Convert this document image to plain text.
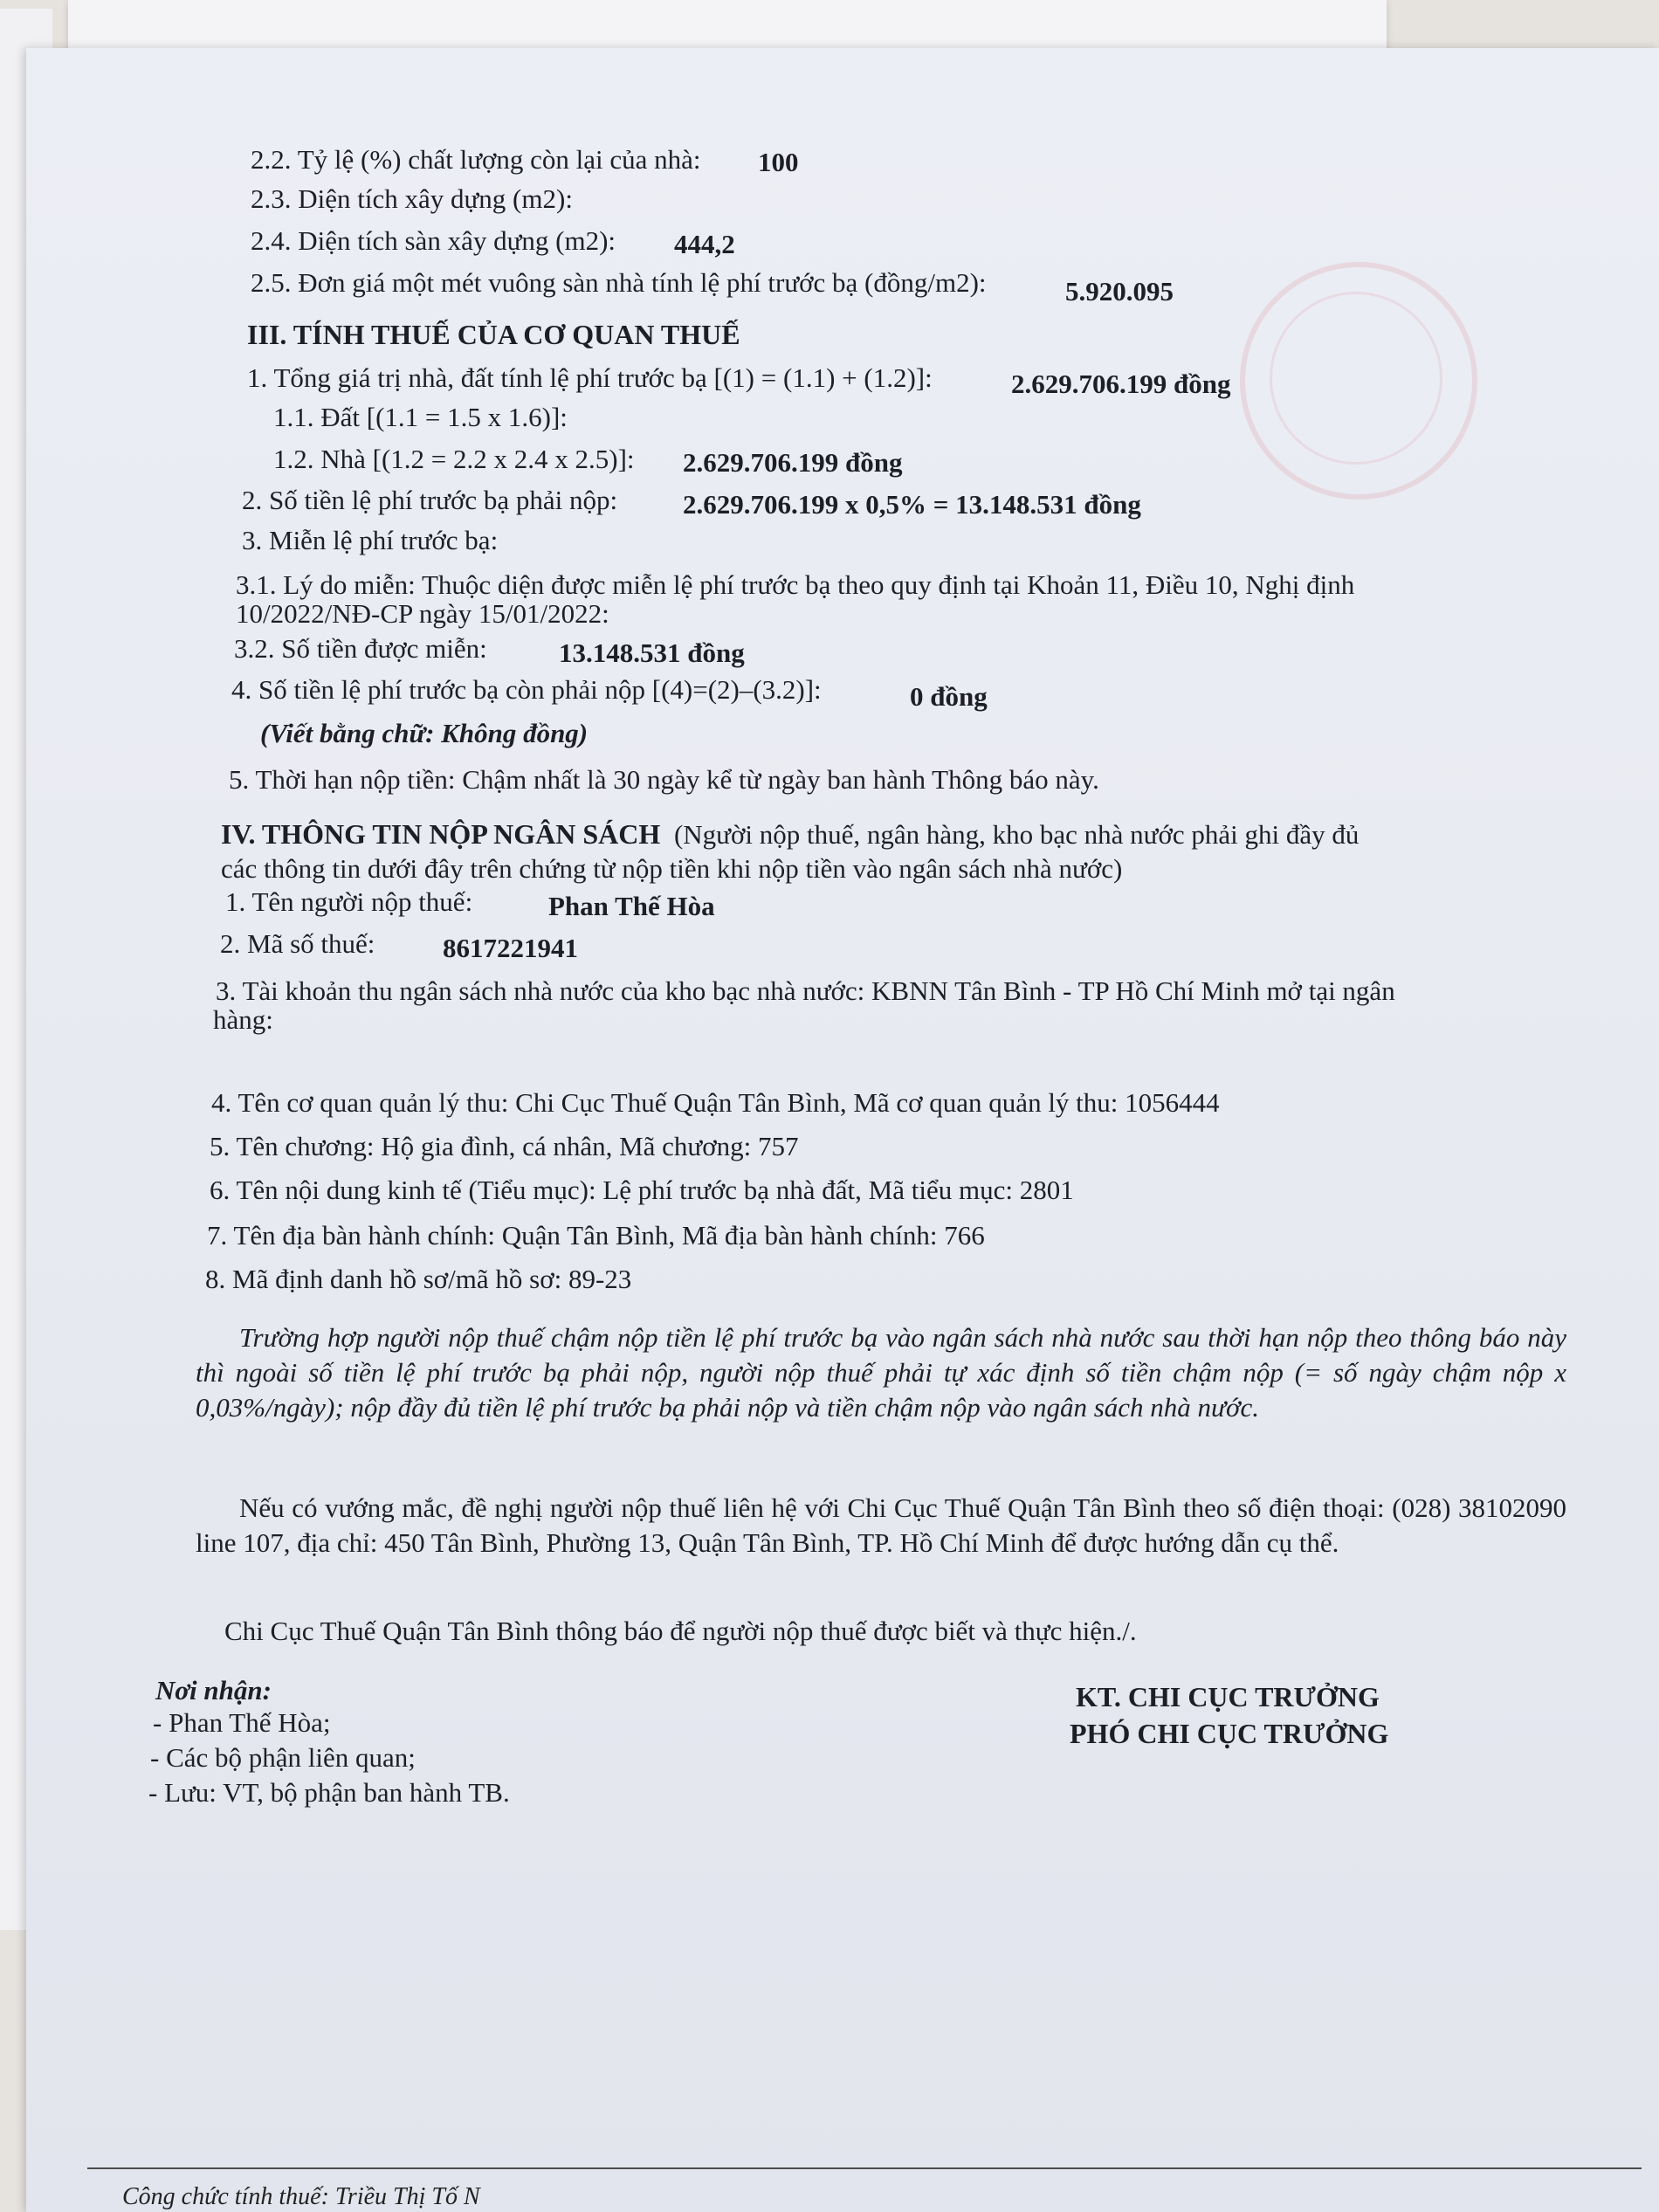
2.2. Tỷ lệ (%) chất lượng còn lại của nhà: 100
2.3. Diện tích xây dựng (m2):
2.4. Diện tích sàn xây dựng (m2): 444,2
2.5. Đơn giá một mét vuông sàn nhà tính lệ phí trước bạ (đồng/m2):	5.920.095
III. TÍNH THUẾ CỦA CƠ QUAN THUẾ
1. Tổng giá trị nhà, đất tính lệ phí trước bạ [(1) = (1.1) + (1.2)]:	2.629.706.199 đồng
1.1. Đất [(1.1 = 1.5 x 1.6)]:
1.2. Nhà [(1.2 = 2.2 x 2.4 x 2.5)]: 2.629.706.199 đồng
2. Số tiền lệ phí trước bạ phải nộp: 2.629.706.199 x 0,5% = 13.148.531 đồng
3. Miễn lệ phí trước bạ:
3.1. Lý do miễn: Thuộc diện được miễn lệ phí trước bạ theo quy định tại Khoản 11, Điều 10, Nghị định
10/2022/NĐ-CP ngày 15/01/2022:
3.2. Số tiền được miễn:	13.148.531 đồng
4. Số tiền lệ phí trước bạ còn phải nộp [(4)=(2)–(3.2)]:	0 đồng
(Viết bằng chữ: Không đồng)
5. Thời hạn nộp tiền: Chậm nhất là 30 ngày kể từ ngày ban hành Thông báo này.
IV. THÔNG TIN NỘP NGÂN SÁCH (Người nộp thuế, ngân hàng, kho bạc nhà nước phải ghi đầy đủ
các thông tin dưới đây trên chứng từ nộp tiền khi nộp tiền vào ngân sách nhà nước)
1. Tên người nộp thuế:	Phan Thế Hòa
2. Mã số thuế:	8617221941
3. Tài khoản thu ngân sách nhà nước của kho bạc nhà nước: KBNN Tân Bình - TP Hồ Chí Minh mở tại ngân
hàng:
4. Tên cơ quan quản lý thu: Chi Cục Thuế Quận Tân Bình, Mã cơ quan quản lý thu: 1056444
5. Tên chương: Hộ gia đình, cá nhân, Mã chương: 757
6. Tên nội dung kinh tế (Tiểu mục): Lệ phí trước bạ nhà đất, Mã tiểu mục: 2801
7. Tên địa bàn hành chính: Quận Tân Bình, Mã địa bàn hành chính: 766
8. Mã định danh hồ sơ/mã hồ sơ: 89-23
Trường hợp người nộp thuế chậm nộp tiền lệ phí trước bạ vào ngân sách nhà nước sau thời hạn nộp theo thông báo này thì ngoài số tiền lệ phí trước bạ phải nộp, người nộp thuế phải tự xác định số tiền chậm nộp (= số ngày chậm nộp x 0,03%/ngày); nộp đầy đủ tiền lệ phí trước bạ phải nộp và tiền chậm nộp vào ngân sách nhà nước.
Nếu có vướng mắc, đề nghị người nộp thuế liên hệ với Chi Cục Thuế Quận Tân Bình theo số điện thoại: (028) 38102090 line 107, địa chỉ: 450 Tân Bình, Phường 13, Quận Tân Bình, TP. Hồ Chí Minh để được hướng dẫn cụ thể.
Chi Cục Thuế Quận Tân Bình thông báo để người nộp thuế được biết và thực hiện./.
Nơi nhận:
- Phan Thế Hòa;
- Các bộ phận liên quan;
- Lưu: VT, bộ phận ban hành TB.
KT. CHI CỤC TRƯỞNG
PHÓ CHI CỤC TRƯỞNG
Công chức tính thuế: Triều Thị Tố N
